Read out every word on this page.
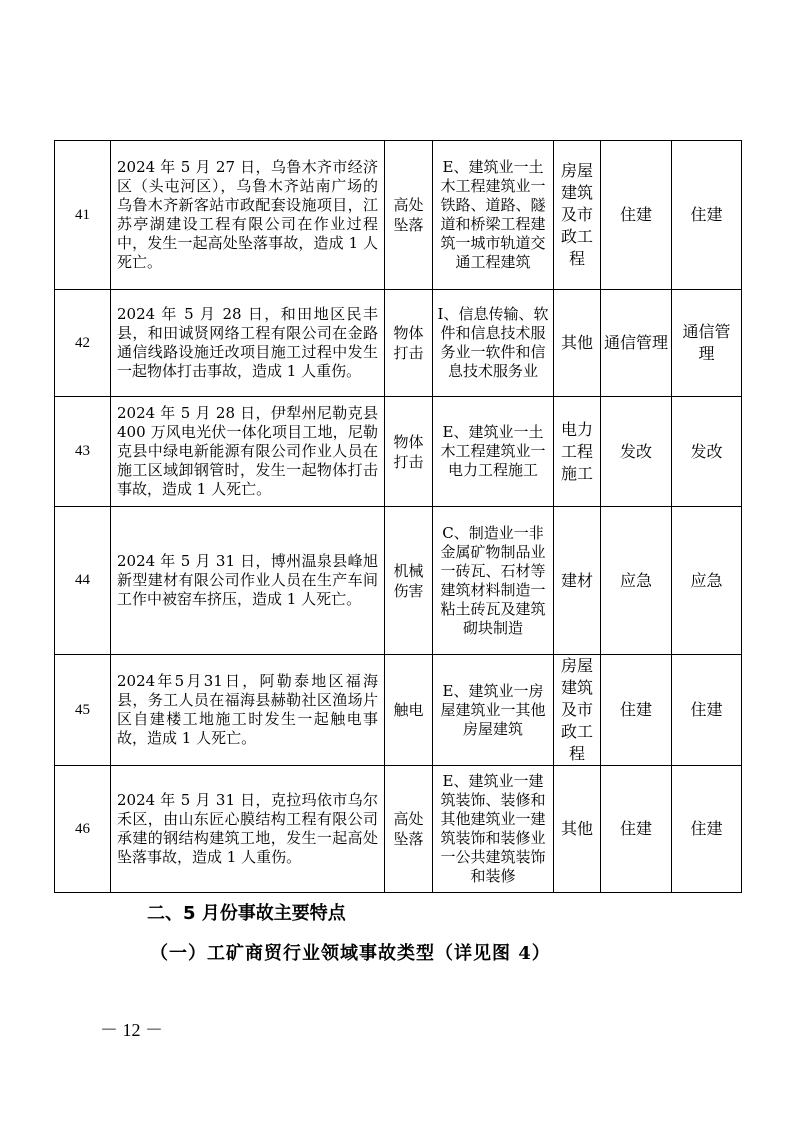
41	2024 年 5 月 27 日，乌鲁木齐市经济区（头屯河区），乌鲁木齐站南广场的乌鲁木齐新客站市政配套设施项目，江苏亭湖建设工程有限公司在作业过程中，发生一起高处坠落事故，造成 1 人死亡。	高处坠落	E、建筑业一土木工程建筑业一铁路、道路、隧道和桥梁工程建筑一城市轨道交通工程建筑	房屋建筑及市政工程	住建	住建
42	2024 年 5 月 28 日，和田地区民丰县，和田诚贤网络工程有限公司在金路通信线路设施迁改项目施工过程中发生一起物体打击事故，造成 1 人重伤。	物体打击	I、信息传输、软件和信息技术服务业一软件和信息技术服务业	其他	通信管理	通信管理
43	2024 年 5 月 28 日，伊犁州尼勒克县 400 万风电光伏一体化项目工地，尼勒克县中绿电新能源有限公司作业人员在施工区域卸钢管时，发生一起物体打击事故，造成 1 人死亡。	物体打击	E、建筑业一土木工程建筑业一电力工程施工	电力工程施工	发改	发改
44	2024 年 5 月 31 日，博州温泉县峰旭新型建材有限公司作业人员在生产车间工作中被窑车挤压，造成 1 人死亡。	机械伤害	C、制造业一非金属矿物制品业一砖瓦、石材等建筑材料制造一粘土砖瓦及建筑砌块制造	建材	应急	应急
45	2024年5月31日，阿勒泰地区福海县，务工人员在福海县赫勒社区渔场片区自建楼工地施工时发生一起触电事故，造成 1 人死亡。	触电	E、建筑业一房屋建筑业一其他房屋建筑	房屋建筑及市政工程	住建	住建
46	2024 年 5 月 31 日，克拉玛依市乌尔禾区，由山东匠心膜结构工程有限公司承建的钢结构建筑工地，发生一起高处坠落事故，造成 1 人重伤。	高处坠落	E、建筑业一建筑装饰、装修和其他建筑业一建筑装饰和装修业一公共建筑装饰和装修	其他	住建	住建
二、5 月份事故主要特点
（一）工矿商贸行业领域事故类型（详见图 4）
－ 12 －
